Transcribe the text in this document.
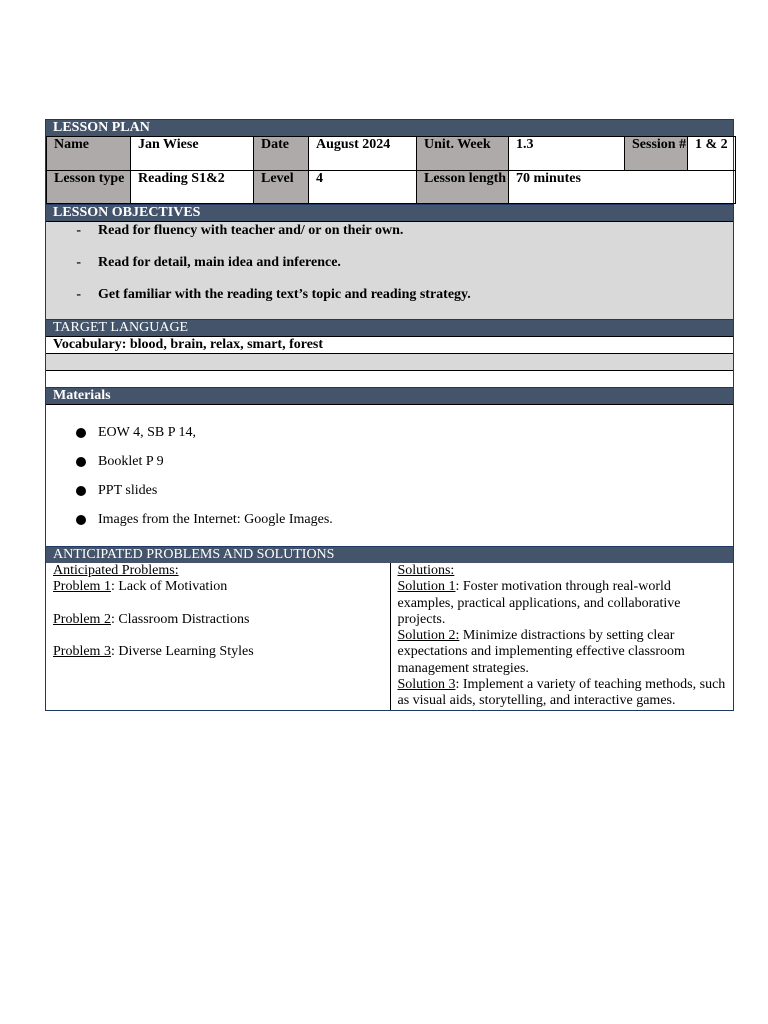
LESSON PLAN
Name	Jan Wiese	Date	August 2024	Unit. Week	1.3	Session #	1 & 2
Lesson type	Reading S1&2	Level	4	Lesson length	70 minutes		
LESSON OBJECTIVES
-	Read for fluency with teacher and/ or on their own.
-	Read for detail, main idea and inference.
-	Get familiar with the reading text’s topic and reading strategy.
TARGET LANGUAGE
Vocabulary: blood, brain, relax, smart, forest
Materials
EOW 4, SB P 14,
Booklet P 9
PPT slides
Images from the Internet: Google Images.
ANTICIPATED PROBLEMS AND SOLUTIONS
Anticipated Problems:
Problem 1: Lack of Motivation
Problem 2: Classroom Distractions
Problem 3: Diverse Learning Styles

Solutions:
Solution 1: Foster motivation through real-world examples, practical applications, and collaborative projects.
Solution 2: Minimize distractions by setting clear expectations and implementing effective classroom management strategies.
Solution 3: Implement a variety of teaching methods, such as visual aids, storytelling, and interactive games.
